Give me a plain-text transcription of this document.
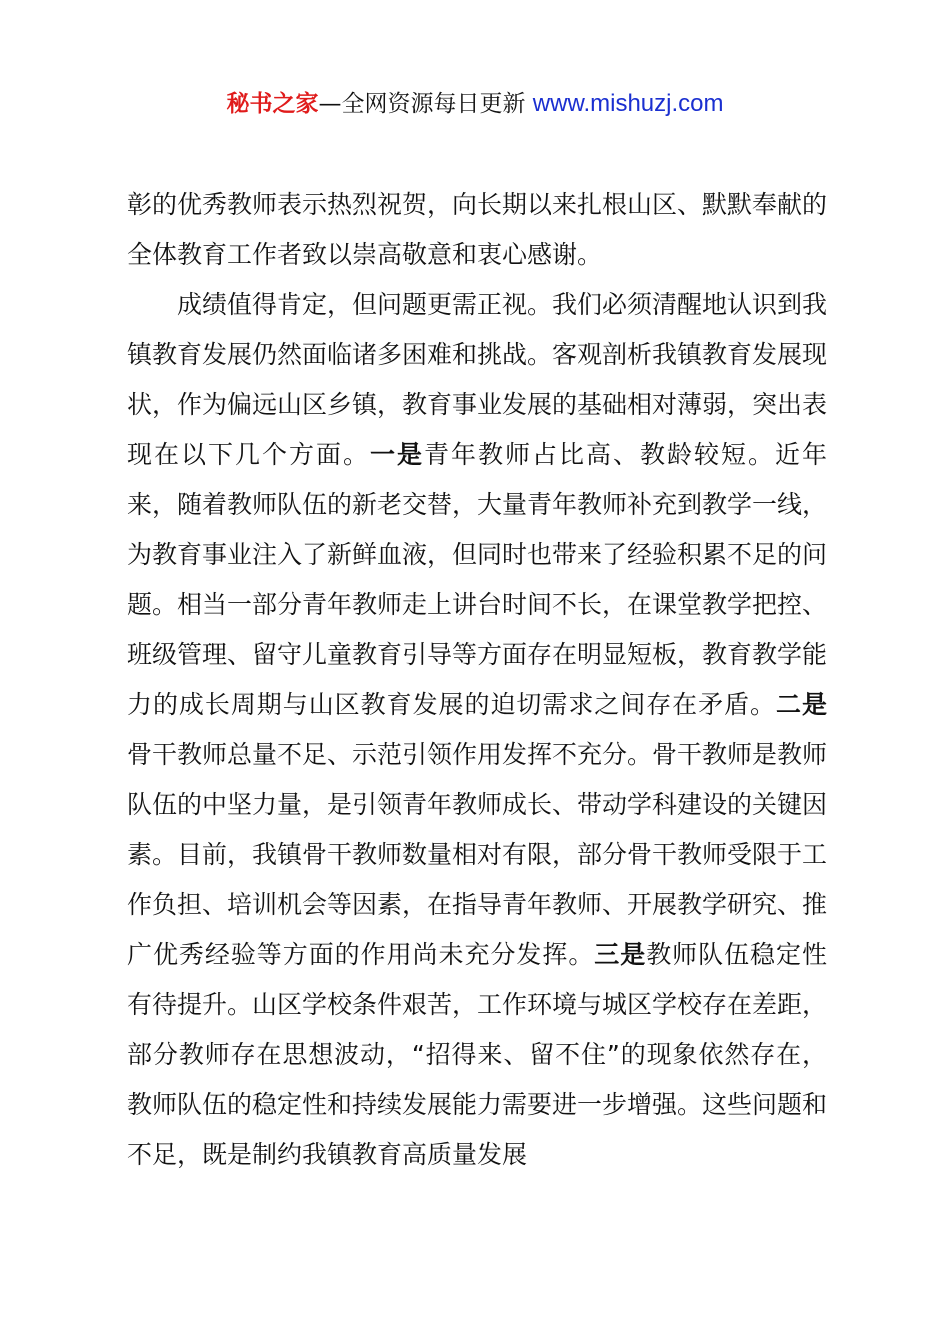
秘书之家—全网资源每日更新 www.mishuzj.com

彰的优秀教师表示热烈祝贺，向长期以来扎根山区、默默奉献的全体教育工作者致以崇高敬意和衷心感谢。

成绩值得肯定，但问题更需正视。我们必须清醒地认识到我镇教育发展仍然面临诸多困难和挑战。客观剖析我镇教育发展现状，作为偏远山区乡镇，教育事业发展的基础相对薄弱，突出表现在以下几个方面。一是青年教师占比高、教龄较短。近年来，随着教师队伍的新老交替，大量青年教师补充到教学一线，为教育事业注入了新鲜血液，但同时也带来了经验积累不足的问题。相当一部分青年教师走上讲台时间不长，在课堂教学把控、班级管理、留守儿童教育引导等方面存在明显短板，教育教学能力的成长周期与山区教育发展的迫切需求之间存在矛盾。二是骨干教师总量不足、示范引领作用发挥不充分。骨干教师是教师队伍的中坚力量，是引领青年教师成长、带动学科建设的关键因素。目前，我镇骨干教师数量相对有限，部分骨干教师受限于工作负担、培训机会等因素，在指导青年教师、开展教学研究、推广优秀经验等方面的作用尚未充分发挥。三是教师队伍稳定性有待提升。山区学校条件艰苦，工作环境与城区学校存在差距，部分教师存在思想波动，“招得来、留不住”的现象依然存在，教师队伍的稳定性和持续发展能力需要进一步增强。这些问题和不足，既是制约我镇教育高质量发展
